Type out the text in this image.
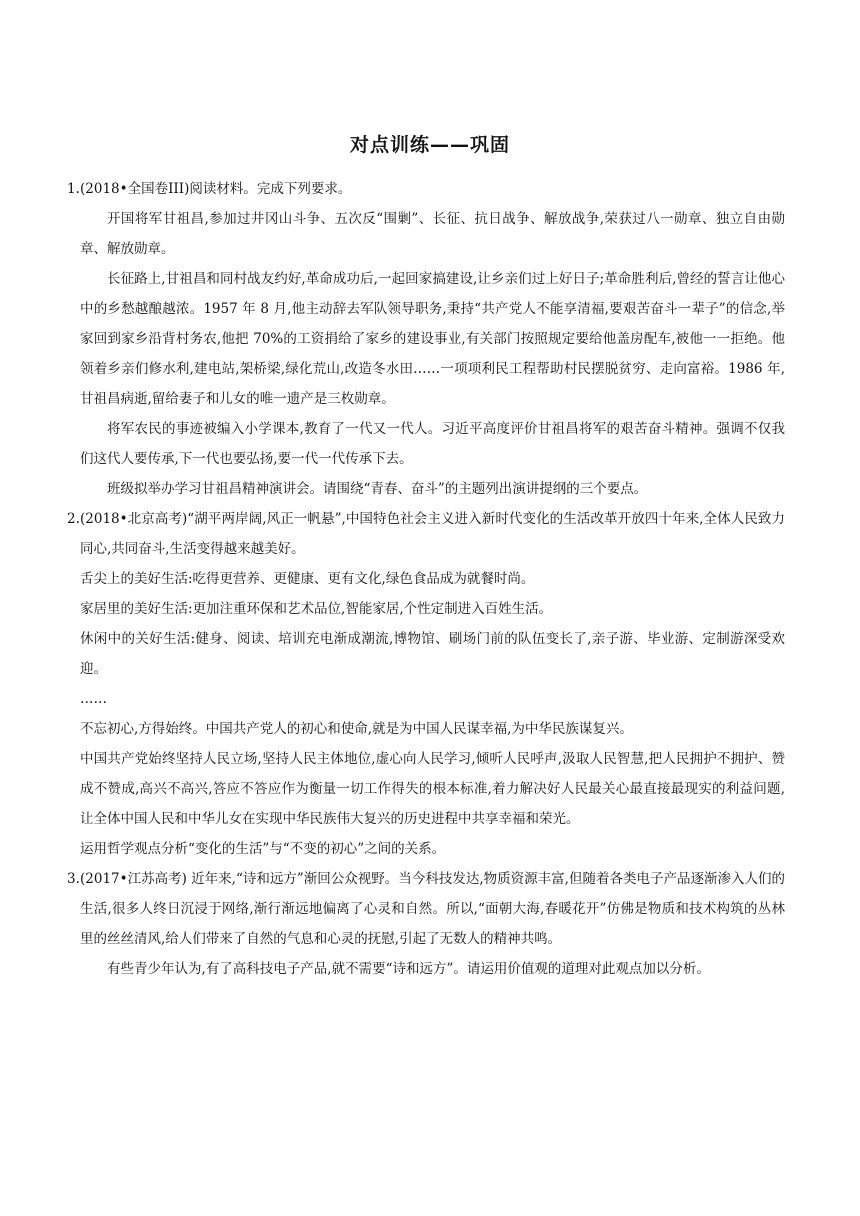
对点训练——巩固
1. (2018•全国卷III)阅读材料。完成下列要求。

开国将军甘祖昌,参加过井冈山斗争、五次反“围剿”、长征、抗日战争、解放战争,荣获过八一勋章、独立自由勋章、解放勋章。

长征路上,甘祖昌和同村战友约好,革命成功后,一起回家搞建设,让乡亲们过上好日子;革命胜利后,曾经的誓言让他心中的乡愁越酿越浓。1957 年 8 月,他主动辞去军队领导职务,秉持“共产党人不能享清福,要艰苦奋斗一辈子”的信念,举家回到家乡沿背村务农,他把 70%的工资捐给了家乡的建设事业,有关部门按照规定要给他盖房配车,被他一一拒绝。他领着乡亲们修水利,建电站,架桥梁,绿化荒山,改造冬水田……一项项利民工程帮助村民摆脱贫穷、走向富裕。1986 年,甘祖昌病逝,留给妻子和儿女的唯一遗产是三枚勋章。

将军农民的事迹被编入小学课本,教育了一代又一代人。习近平高度评价甘祖昌将军的艰苦奋斗精神。强调不仅我们这代人要传承,下一代也要弘扬,要一代一代传承下去。

班级拟举办学习甘祖昌精神演讲会。请围绕“青春、奋斗”的主题列出演讲提纲的三个要点。

2. (2018•北京高考)“湖平两岸阔,风正一帆悬”,中国特色社会主义进入新时代变化的生活改革开放四十年来,全体人民致力同心,共同奋斗,生活变得越来越美好。

舌尖上的美好生活:吃得更营养、更健康、更有文化,绿色食品成为就餐时尚。

家居里的美好生活:更加注重环保和艺术品位,智能家居,个性定制进入百姓生活。

休闲中的关好生活:健身、阅读、培训充电渐成潮流,博物馆、刷场门前的队伍变长了,亲子游、毕业游、定制游深受欢迎。

……

不忘初心,方得始终。中国共产党人的初心和使命,就是为中国人民谋幸福,为中华民族谋复兴。

中国共产党始终坚持人民立场,坚持人民主体地位,虚心向人民学习,倾听人民呼声,汲取人民智慧,把人民拥护不拥护、赞成不赞成,高兴不高兴,答应不答应作为衡量一切工作得失的根本标准,着力解决好人民最关心最直接最现实的利益问题,让全体中国人民和中华儿女在实现中华民族伟大复兴的历史进程中共享幸福和荣光。

运用哲学观点分析“变化的生活”与“不变的初心”之间的关系。

3. (2017•江苏高考) 近年来,“诗和远方”渐回公众视野。当今科技发达,物质资源丰富,但随着各类电子产品逐渐渗入人们的生活,很多人终日沉浸于网络,渐行渐远地偏离了心灵和自然。所以,“面朝大海,春暖花开”仿佛是物质和技术构筑的丛林里的丝丝清风,给人们带来了自然的气息和心灵的抚慰,引起了无数人的精神共鸣。

有些青少年认为,有了高科技电子产品,就不需要“诗和远方”。请运用价值观的道理对此观点加以分析。
